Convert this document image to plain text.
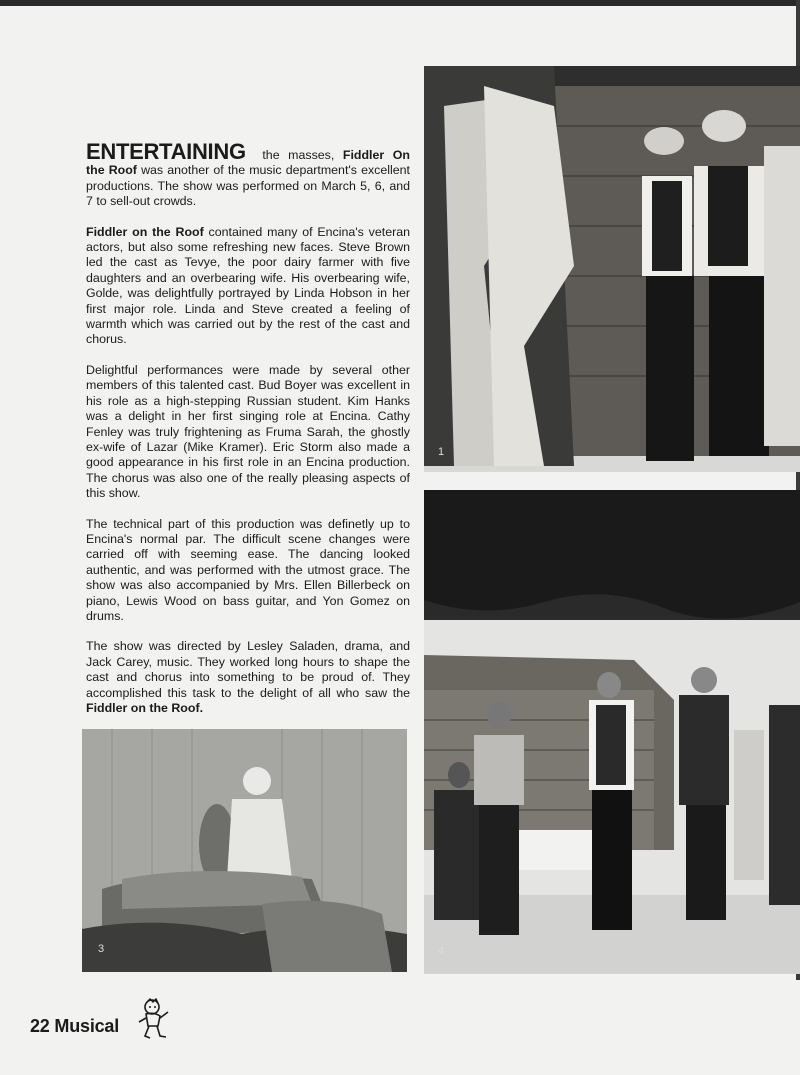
ENTERTAINING the masses, Fiddler On the Roof was another of the music department's excellent productions. The show was performed on March 5, 6, and 7 to sell-out crowds.

Fiddler on the Roof contained many of Encina's veteran actors, but also some refreshing new faces. Steve Brown led the cast as Tevye, the poor dairy farmer with five daughters and an overbearing wife. His overbearing wife, Golde, was delightfully portrayed by Linda Hobson in her first major role. Linda and Steve created a feeling of warmth which was carried out by the rest of the cast and chorus.

Delightful performances were made by several other members of this talented cast. Bud Boyer was excellent in his role as a high-stepping Russian student. Kim Hanks was a delight in her first singing role at Encina. Cathy Fenley was truly frightening as Fruma Sarah, the ghostly ex-wife of Lazar (Mike Kramer). Eric Storm also made a good appearance in his first role in an Encina production. The chorus was also one of the really pleasing aspects of this show.

The technical part of this production was definetly up to Encina's normal par. The difficult scene changes were carried off with seeming ease. The dancing looked authentic, and was performed with the utmost grace. The show was also accompanied by Mrs. Ellen Billerbeck on piano, Lewis Wood on bass guitar, and Yon Gomez on drums.

The show was directed by Lesley Saladen, drama, and Jack Carey, music. They worked long hours to shape the cast and chorus into something to be proud of. They accomplished this task to the delight of all who saw the Fiddler on the Roof.

1
4
3
22 Musical
